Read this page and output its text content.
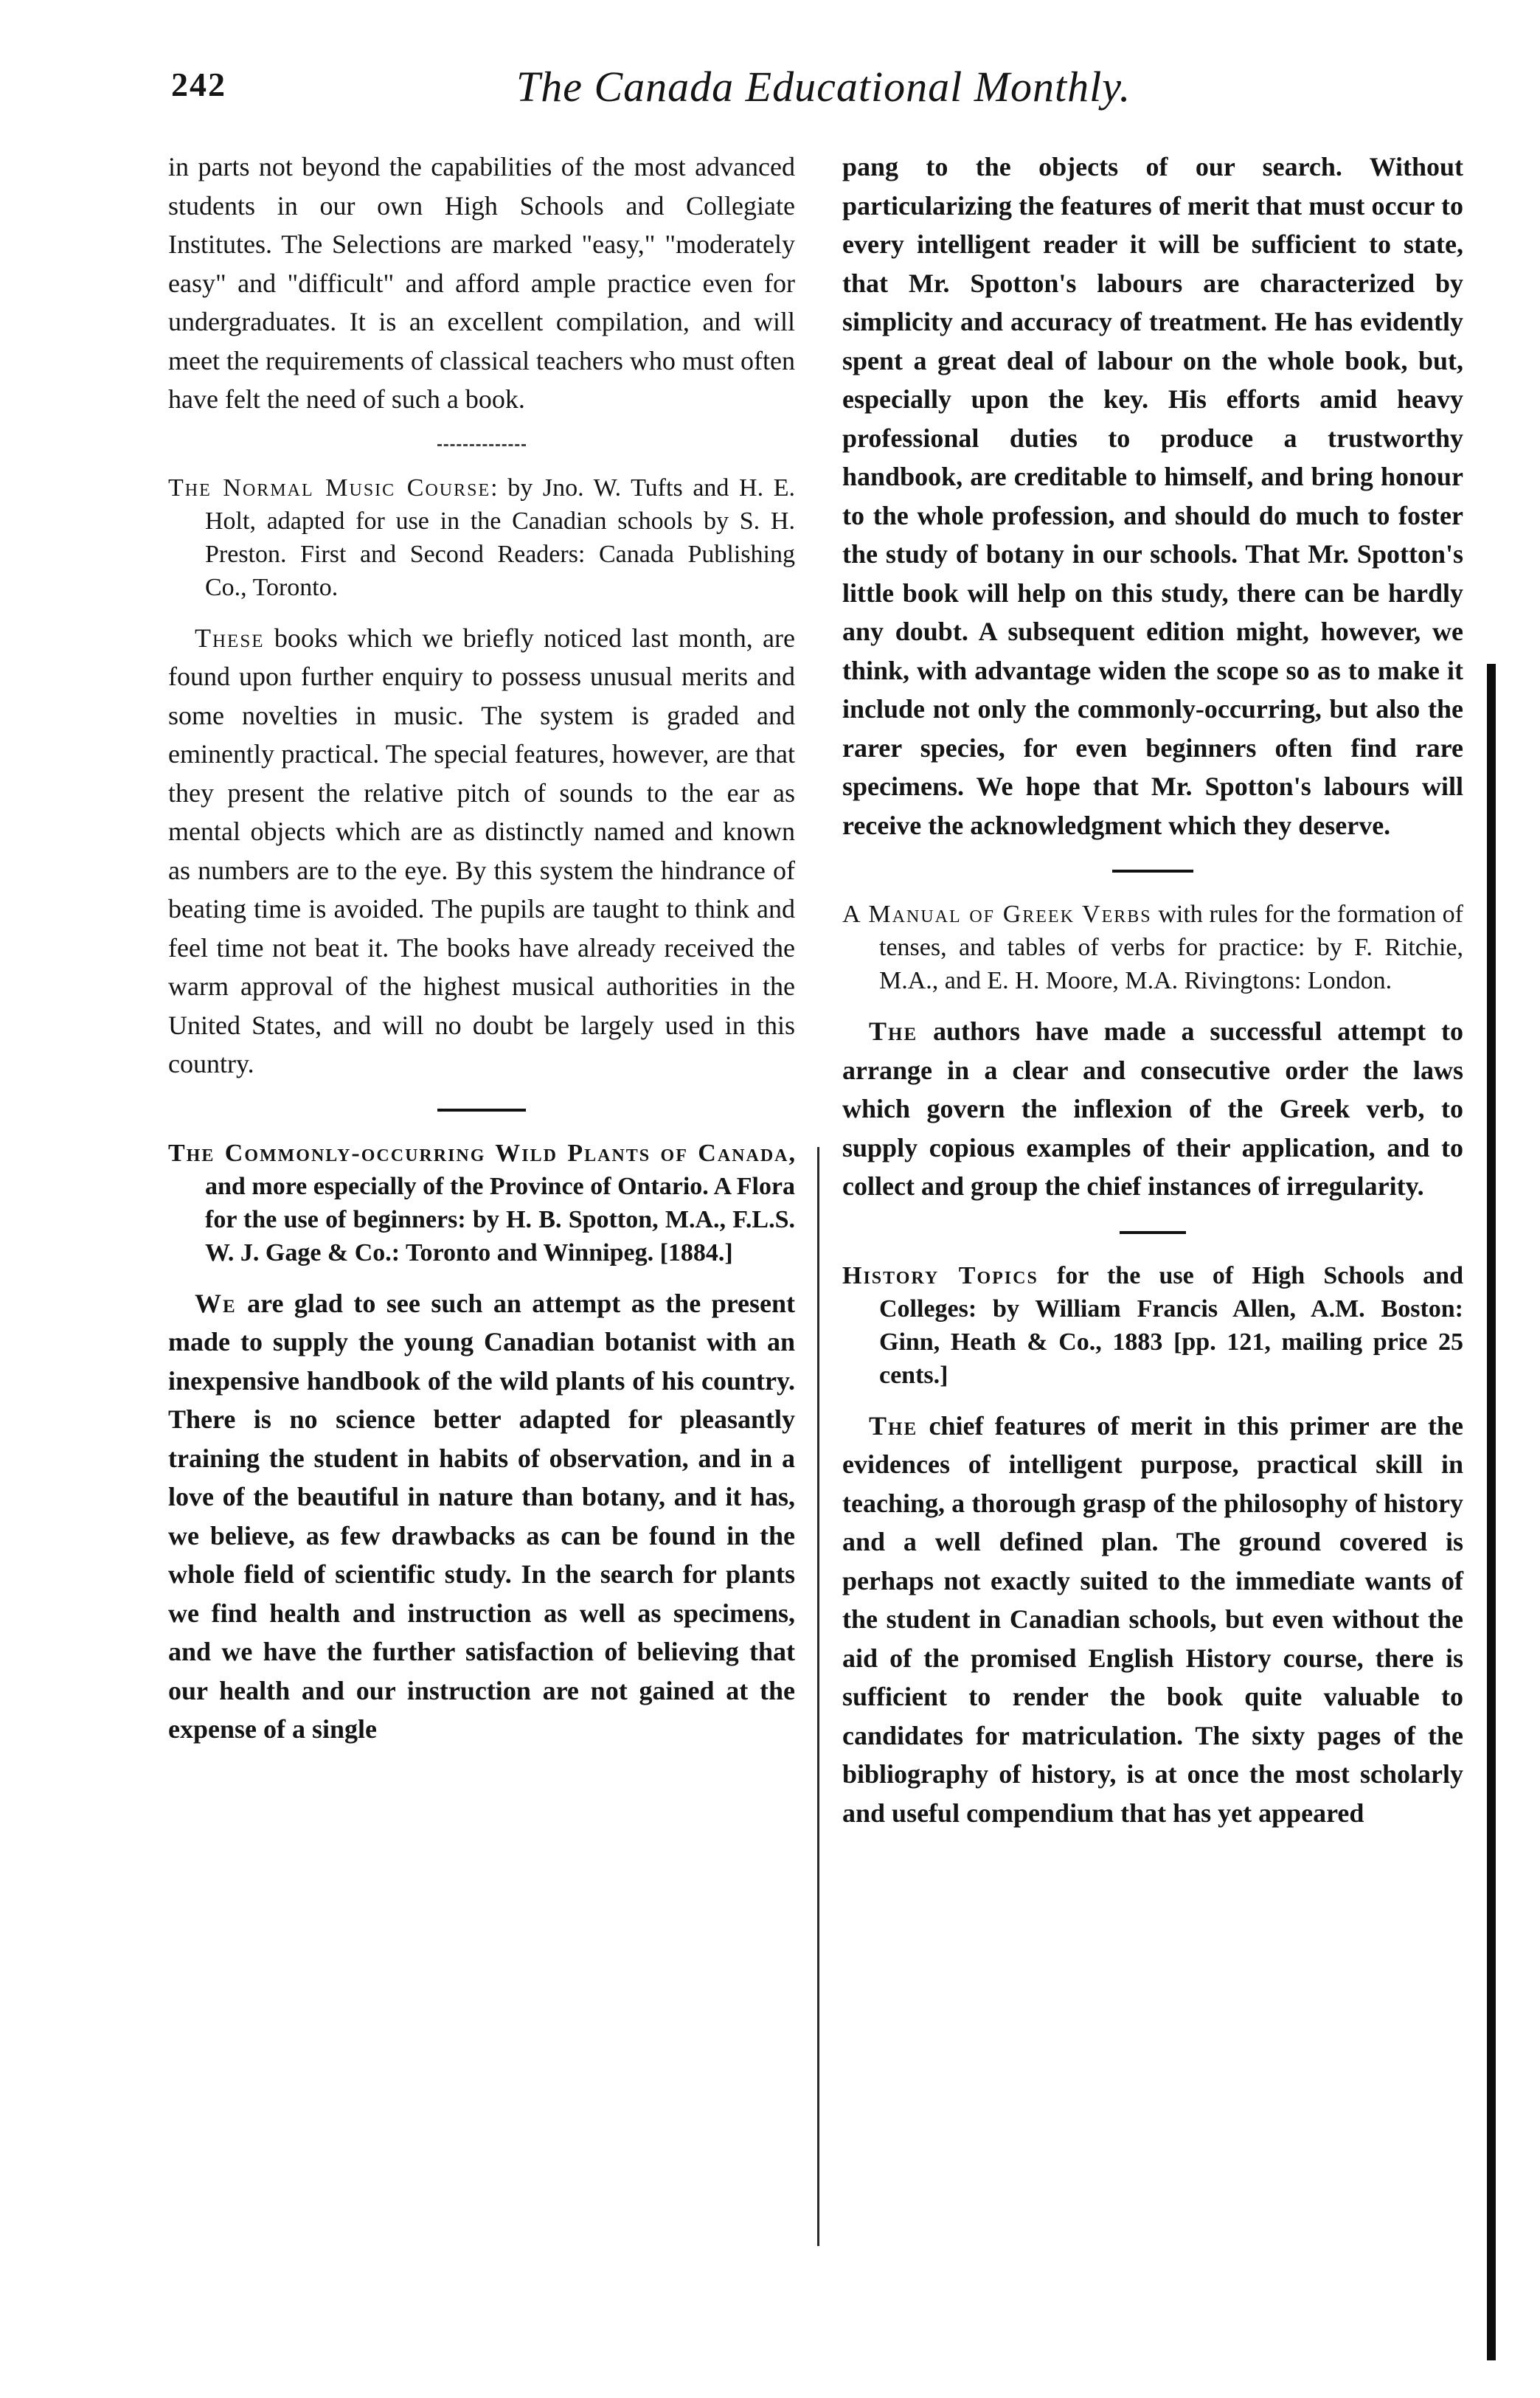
242	The Canada Educational Monthly.

in parts not beyond the capabilities of the most advanced students in our own High Schools and Collegiate Institutes. The Selections are marked "easy," "moderately easy" and "difficult" and afford ample practice even for undergraduates. It is an excellent compilation, and will meet the requirements of classical teachers who must often have felt the need of such a book.

The Normal Music Course: by Jno. W. Tufts and H. E. Holt, adapted for use in the Canadian schools by S. H. Preston. First and Second Readers: Canada Publishing Co., Toronto.

These books which we briefly noticed last month, are found upon further enquiry to possess unusual merits and some novelties in music. The system is graded and eminently practical. The special features, however, are that they present the relative pitch of sounds to the ear as mental objects which are as distinctly named and known as numbers are to the eye. By this system the hindrance of beating time is avoided. The pupils are taught to think and feel time not beat it. The books have already received the warm approval of the highest musical authorities in the United States, and will no doubt be largely used in this country.

The Commonly-occurring Wild Plants of Canada, and more especially of the Province of Ontario. A Flora for the use of beginners: by H. B. Spotton, M.A., F.L.S. W. J. Gage & Co.: Toronto and Winnipeg. [1884.]

We are glad to see such an attempt as the present made to supply the young Canadian botanist with an inexpensive handbook of the wild plants of his country. There is no science better adapted for pleasantly training the student in habits of observation, and in a love of the beautiful in nature than botany, and it has, we believe, as few drawbacks as can be found in the whole field of scientific study. In the search for plants we find health and instruction as well as specimens, and we have the further satisfaction of believing that our health and our instruction are not gained at the expense of a single

pang to the objects of our search. Without particularizing the features of merit that must occur to every intelligent reader it will be sufficient to state, that Mr. Spotton's labours are characterized by simplicity and accuracy of treatment. He has evidently spent a great deal of labour on the whole book, but, especially upon the key. His efforts amid heavy professional duties to produce a trustworthy handbook, are creditable to himself, and bring honour to the whole profession, and should do much to foster the study of botany in our schools. That Mr. Spotton's little book will help on this study, there can be hardly any doubt. A subsequent edition might, however, we think, with advantage widen the scope so as to make it include not only the commonly-occurring, but also the rarer species, for even beginners often find rare specimens. We hope that Mr. Spotton's labours will receive the acknowledgment which they deserve.

A Manual of Greek Verbs with rules for the formation of tenses, and tables of verbs for practice: by F. Ritchie, M.A., and E. H. Moore, M.A. Rivingtons: London.

The authors have made a successful attempt to arrange in a clear and consecutive order the laws which govern the inflexion of the Greek verb, to supply copious examples of their application, and to collect and group the chief instances of irregularity.

History Topics for the use of High Schools and Colleges: by William Francis Allen, A.M. Boston: Ginn, Heath & Co., 1883 [pp. 121, mailing price 25 cents.]

The chief features of merit in this primer are the evidences of intelligent purpose, practical skill in teaching, a thorough grasp of the philosophy of history and a well defined plan. The ground covered is perhaps not exactly suited to the immediate wants of the student in Canadian schools, but even without the aid of the promised English History course, there is sufficient to render the book quite valuable to candidates for matriculation. The sixty pages of the bibliography of history, is at once the most scholarly and useful compendium that has yet appeared
